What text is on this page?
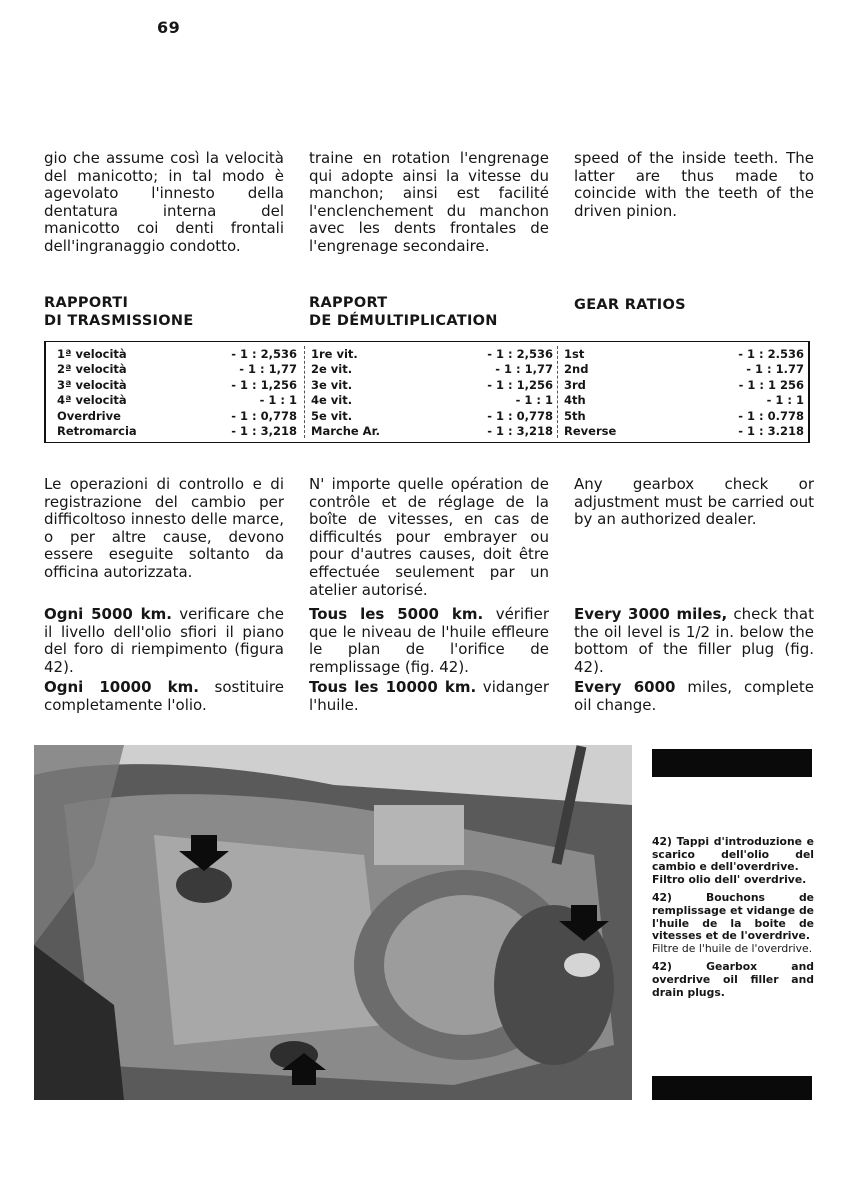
69

gio che assume così la velocità del manicotto; in tal modo è agevolato l'innesto della dentatura interna del manicotto coi denti frontali dell'ingranaggio condotto.

traine en rotation l'engrenage qui adopte ainsi la vitesse du manchon; ainsi est facilité l'enclenchement du manchon avec les dents frontales de l'engrenage secondaire.

speed of the inside teeth. The latter are thus made to coincide with the teeth of the driven pinion.

RAPPORTI
DI TRASMISSIONE
RAPPORT
DE DÉMULTIPLICATION
GEAR RATIOS
1ª velocità	- 1 : 2,536
2ª velocità	- 1 : 1,77
3ª velocità	- 1 : 1,256
4ª velocità	- 1 : 1
Overdrive	- 1 : 0,778
Retromarcia	- 1 : 3,218
1re vit.	- 1 : 2,536
2e vit.	- 1 : 1,77
3e vit.	- 1 : 1,256
4e vit.	- 1 : 1
5e vit.	- 1 : 0,778
Marche Ar.	- 1 : 3,218
1st	- 1 : 2.536
2nd	- 1 : 1.77
3rd	- 1 : 1 256
4th	- 1 : 1
5th	- 1 : 0.778
Reverse	- 1 : 3.218

Le operazioni di controllo e di registrazione del cambio per difficoltoso innesto delle marce, o per altre cause, devono essere eseguite soltanto da officina autorizzata.

N' importe quelle opération de contrôle et de réglage de la boîte de vitesses, en cas de difficultés pour embrayer ou pour d'autres causes, doit être effectuée seulement par un atelier autorisé.

Any gearbox check or adjustment must be carried out by an authorized dealer.

Ogni 5000 km. verificare che il livello dell'olio sfiori il piano del foro di riempimento (figura 42).

Ogni 10000 km. sostituire completamente l'olio.

Tous les 5000 km. vérifier que le niveau de l'huile effleure le plan de l'orifice de remplissage (fig. 42).

Tous les 10000 km. vidanger l'huile.

Every 3000 miles, check that the oil level is 1/2 in. below the bottom of the filler plug (fig. 42).

Every 6000 miles, complete oil change.

42) Tappi d'introduzione e scarico dell'olio del cambio e dell'overdrive.
Filtro olio dell' overdrive.

42) Bouchons de remplissage et vidange de l'huile de la boite de vitesses et de l'overdrive.
Filtre de l'huile de l'overdrive.

42) Gearbox and overdrive oil filler and drain plugs.
